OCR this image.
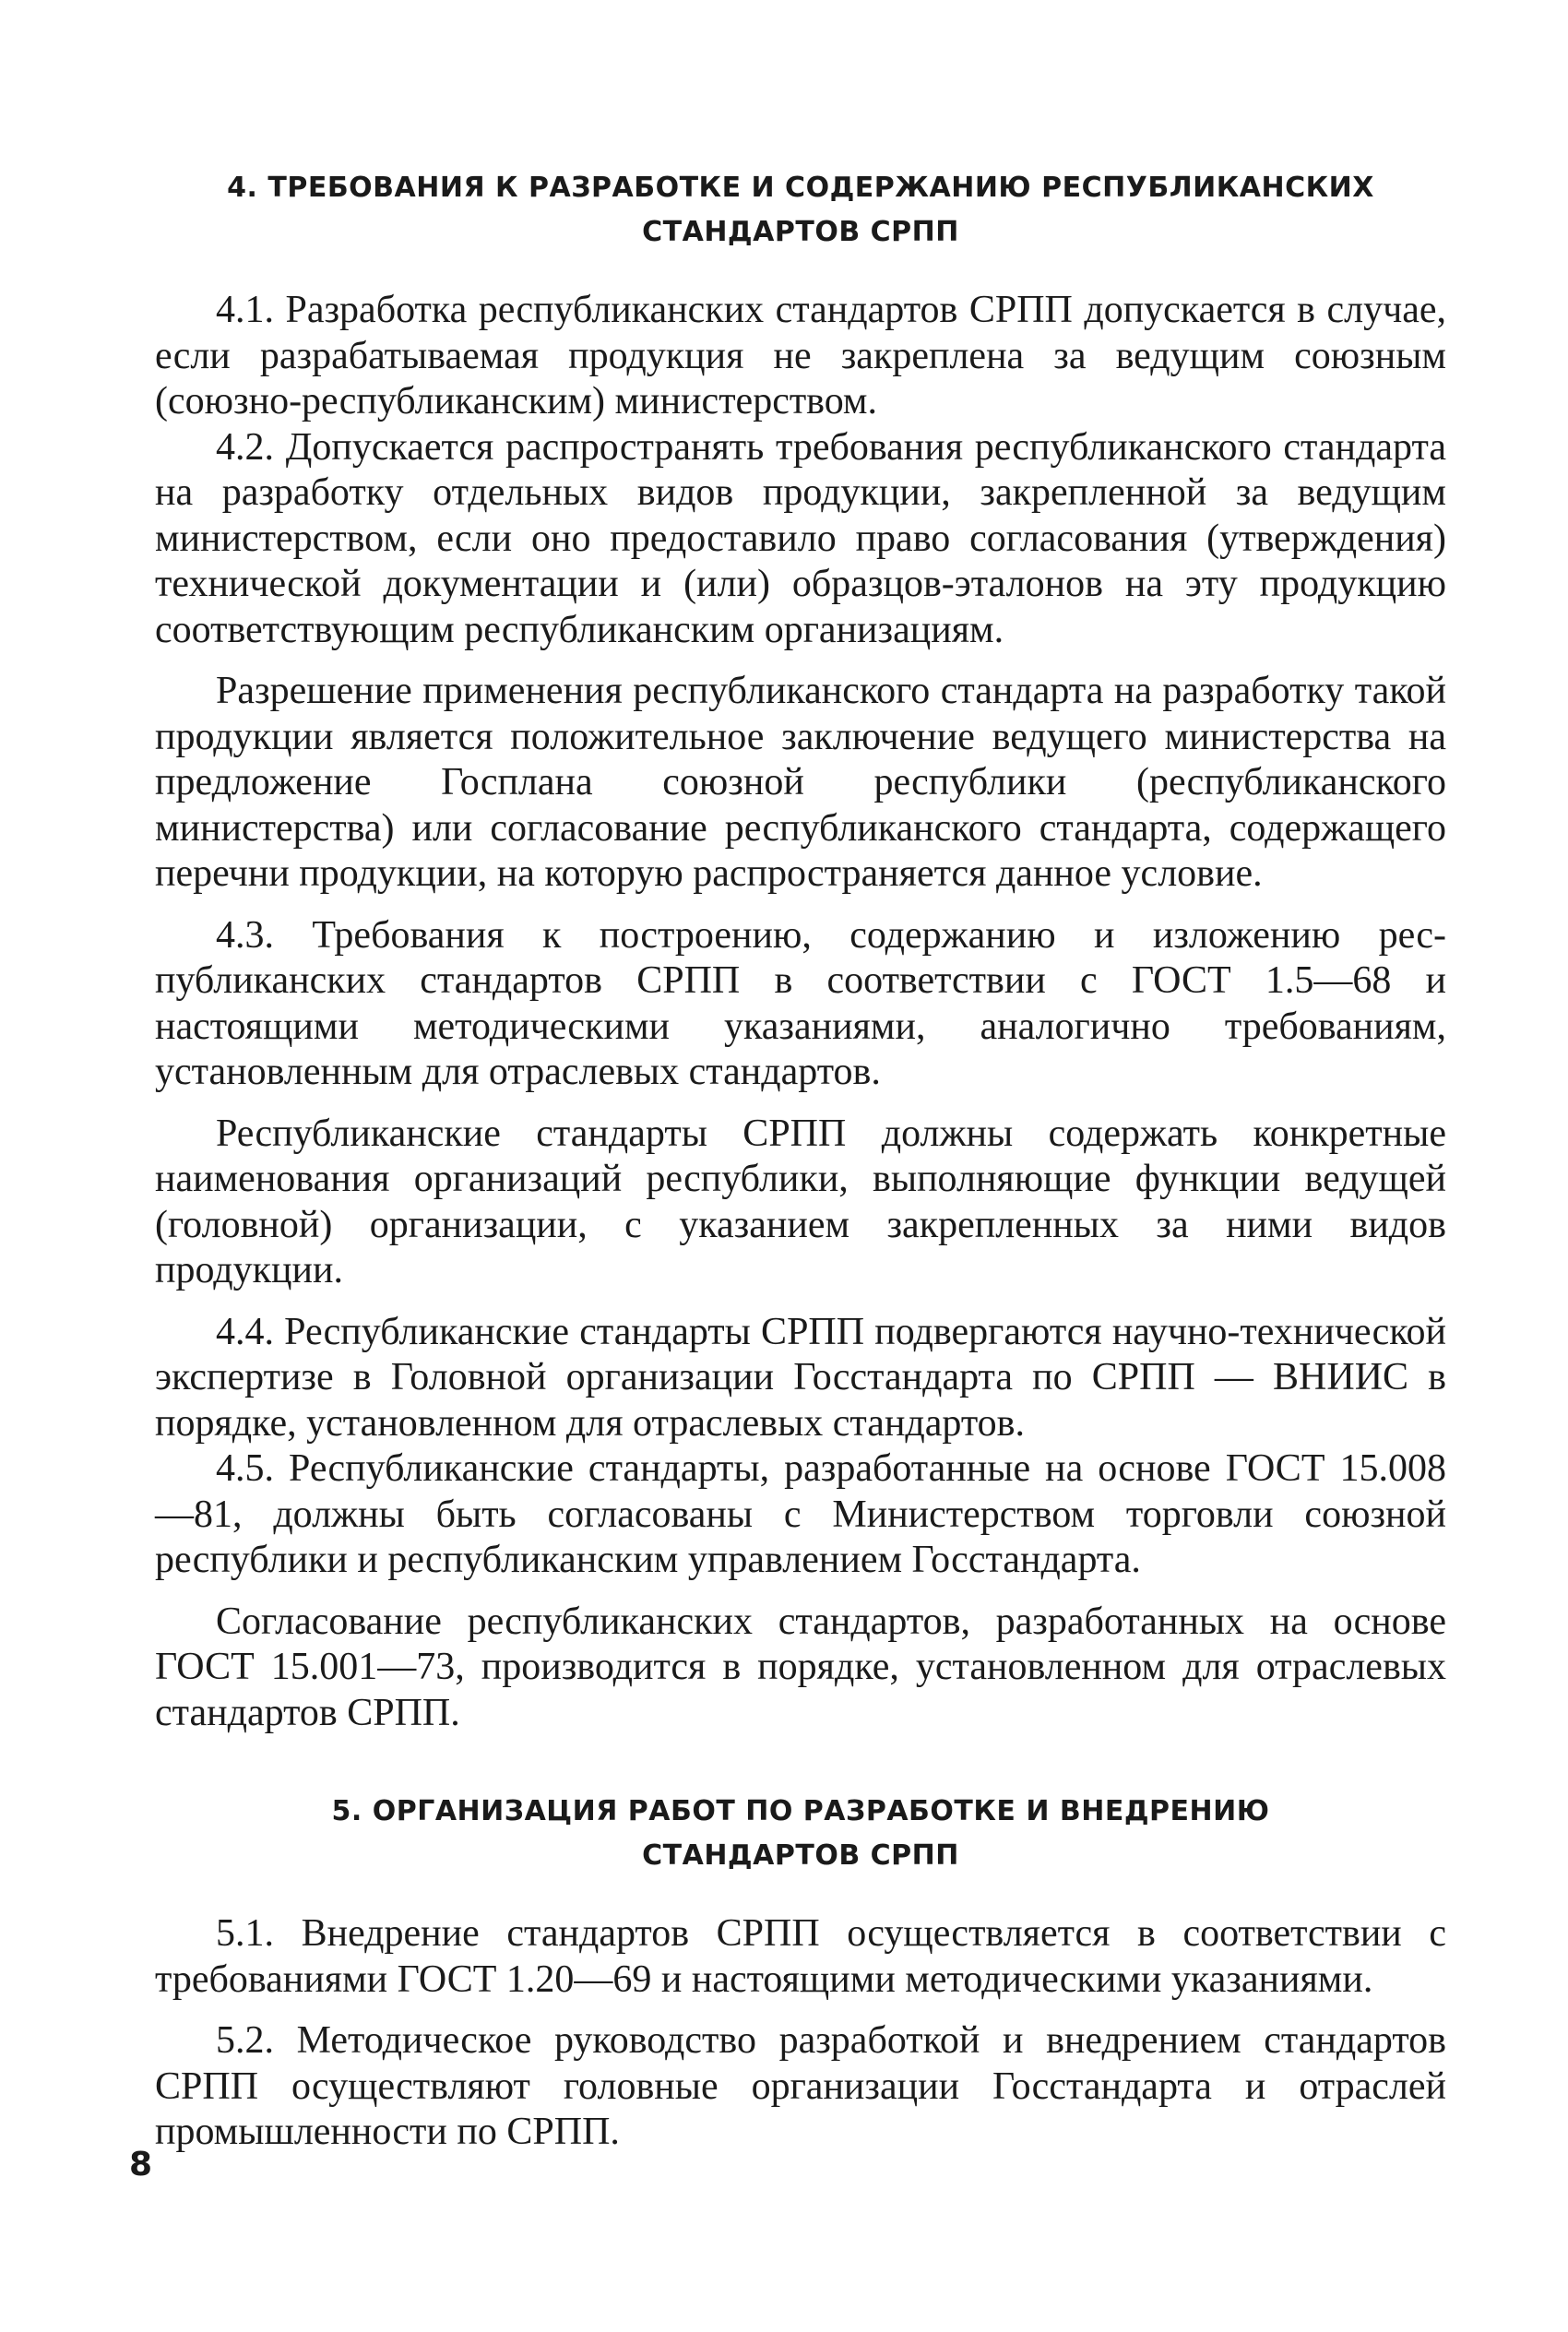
4. ТРЕБОВАНИЯ К РАЗРАБОТКЕ И СОДЕРЖАНИЮ РЕСПУБЛИКАНСКИХ
СТАНДАРТОВ СРПП

4.1. Разработка республиканских стандартов СРПП допускается в случае, если разрабатываемая продукция не закреплена за ведущим союзным (союзно-республиканским) министерством.

4.2. Допускается распространять требования республиканского стандарта на разработку отдельных видов продукции, закрепленной за ведущим министерством, если оно предоставило право согласования (утверждения) технической документации и (или) образцов-эталонов на эту продукцию соответствующим республиканским организациям.

Разрешение применения республиканского стандарта на разработку такой продукции является положительное заключение ведущего министерства на предложение Госплана союзной республики (республиканского министерства) или согласование республиканского стандарта, содержащего перечни продукции, на которую распространяется данное условие.

4.3. Требования к построению, содержанию и изложению республиканских стандартов СРПП в соответствии с ГОСТ 1.5—68 и настоящими методическими указаниями, аналогично требованиям, установленным для отраслевых стандартов.

Республиканские стандарты СРПП должны содержать конкретные наименования организаций республики, выполняющие функции ведущей (головной) организации, с указанием закрепленных за ними видов продукции.

4.4. Республиканские стандарты СРПП подвергаются научно-технической экспертизе в Головной организации Госстандарта по СРПП — ВНИИС в порядке, установленном для отраслевых стандартов.

4.5. Республиканские стандарты, разработанные на основе ГОСТ 15.008—81, должны быть согласованы с Министерством торговли союзной республики и республиканским управлением Госстандарта.

Согласование республиканских стандартов, разработанных на основе ГОСТ 15.001—73, производится в порядке, установленном для отраслевых стандартов СРПП.

5. ОРГАНИЗАЦИЯ РАБОТ ПО РАЗРАБОТКЕ И ВНЕДРЕНИЮ
СТАНДАРТОВ СРПП

5.1. Внедрение стандартов СРПП осуществляется в соответствии с требованиями ГОСТ 1.20—69 и настоящими методическими указаниями.

5.2. Методическое руководство разработкой и внедрением стандартов СРПП осуществляют головные организации Госстандарта и отраслей промышленности по СРПП.

8
